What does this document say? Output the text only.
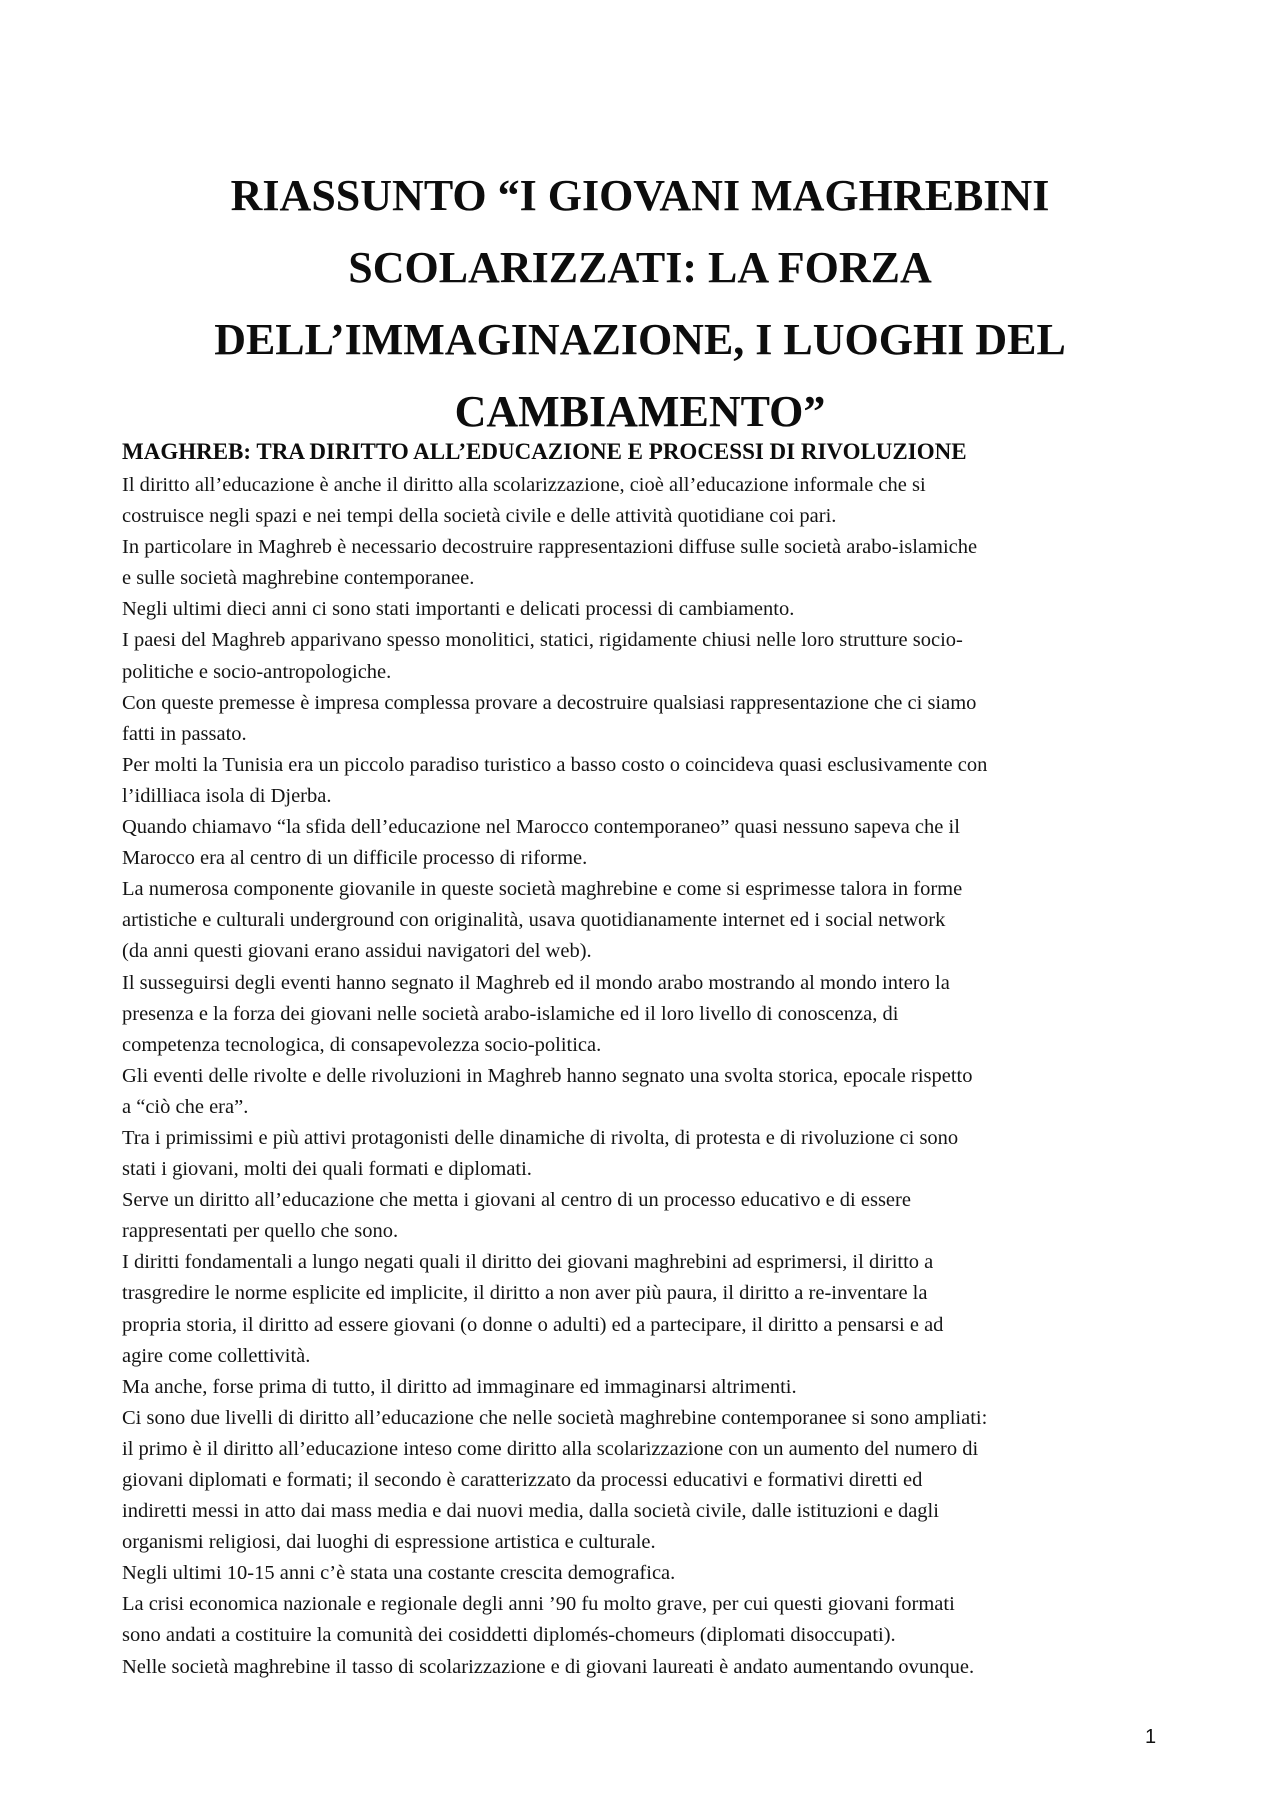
RIASSUNTO “I GIOVANI MAGHREBINI
SCOLARIZZATI: LA FORZA
DELL’IMMAGINAZIONE, I LUOGHI DEL
CAMBIAMENTO”
MAGHREB: TRA DIRITTO ALL’EDUCAZIONE E PROCESSI DI RIVOLUZIONE
Il diritto all’educazione è anche il diritto alla scolarizzazione, cioè all’educazione informale che si
costruisce negli spazi e nei tempi della società civile e delle attività quotidiane coi pari.
In particolare in Maghreb è necessario decostruire rappresentazioni diffuse sulle società arabo-islamiche
e sulle società maghrebine contemporanee.
Negli ultimi dieci anni ci sono stati importanti e delicati processi di cambiamento.
I paesi del Maghreb apparivano spesso monolitici, statici, rigidamente chiusi nelle loro strutture socio-
politiche e socio-antropologiche.
Con queste premesse è impresa complessa provare a decostruire qualsiasi rappresentazione che ci siamo
fatti in passato.
Per molti la Tunisia era un piccolo paradiso turistico a basso costo o coincideva quasi esclusivamente con
l’idilliaca isola di Djerba.
Quando chiamavo “la sfida dell’educazione nel Marocco contemporaneo” quasi nessuno sapeva che il
Marocco era al centro di un difficile processo di riforme.
La numerosa componente giovanile in queste società maghrebine e come si esprimesse talora in forme
artistiche e culturali underground con originalità, usava quotidianamente internet ed i social network
(da anni questi giovani erano assidui navigatori del web).
Il susseguirsi degli eventi hanno segnato il Maghreb ed il mondo arabo mostrando al mondo intero la
presenza e la forza dei giovani nelle società arabo-islamiche ed il loro livello di conoscenza, di
competenza tecnologica, di consapevolezza socio-politica.
Gli eventi delle rivolte e delle rivoluzioni in Maghreb hanno segnato una svolta storica, epocale rispetto
a “ciò che era”.
Tra i primissimi e più attivi protagonisti delle dinamiche di rivolta, di protesta e di rivoluzione ci sono
stati i giovani, molti dei quali formati e diplomati.
Serve un diritto all’educazione che metta i giovani al centro di un processo educativo e di essere
rappresentati per quello che sono.
I diritti fondamentali a lungo negati quali il diritto dei giovani maghrebini ad esprimersi, il diritto a
trasgredire le norme esplicite ed implicite, il diritto a non aver più paura, il diritto a re-inventare la
propria storia, il diritto ad essere giovani (o donne o adulti) ed a partecipare, il diritto a pensarsi e ad
agire come collettività.
Ma anche, forse prima di tutto, il diritto ad immaginare ed immaginarsi altrimenti.
Ci sono due livelli di diritto all’educazione che nelle società maghrebine contemporanee si sono ampliati:
il primo è il diritto all’educazione inteso come diritto alla scolarizzazione con un aumento del numero di
giovani diplomati e formati; il secondo è caratterizzato da processi educativi e formativi diretti ed
indiretti messi in atto dai mass media e dai nuovi media, dalla società civile, dalle istituzioni e dagli
organismi religiosi, dai luoghi di espressione artistica e culturale.
Negli ultimi 10-15 anni c’è stata una costante crescita demografica.
La crisi economica nazionale e regionale degli anni ’90 fu molto grave, per cui questi giovani formati
sono andati a costituire la comunità dei cosiddetti diplomés-chomeurs (diplomati disoccupati).
Nelle società maghrebine il tasso di scolarizzazione e di giovani laureati è andato aumentando ovunque.
1
